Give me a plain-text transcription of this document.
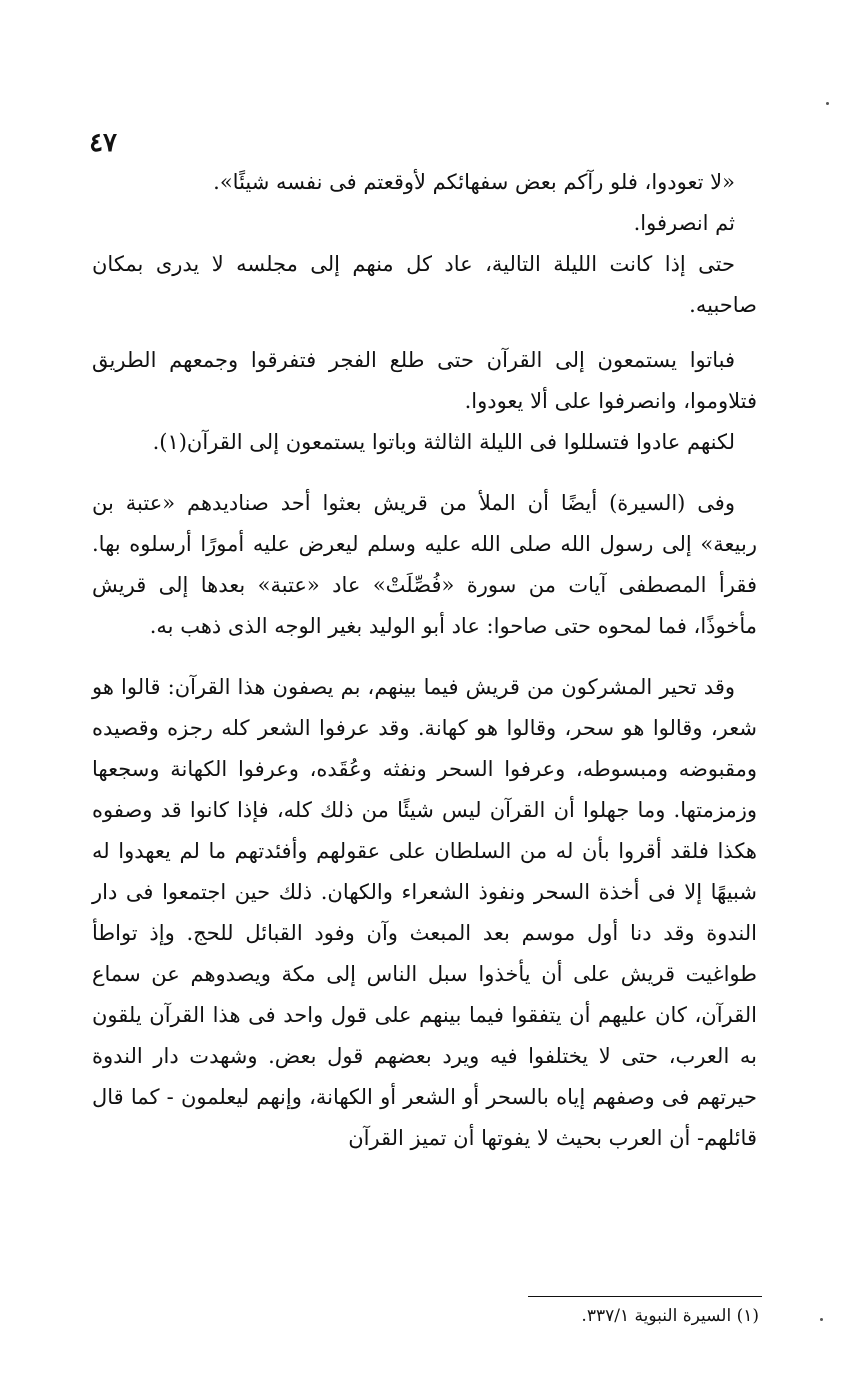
٤٧

«لا تعودوا، فلو رآكم بعض سفهائكم لأوقعتم فى نفسه شيئًا».

ثم انصرفوا.

حتى إذا كانت الليلة التالية، عاد كل منهم إلى مجلسه لا يدرى بمكان صاحبيه.

فباتوا يستمعون إلى القرآن حتى طلع الفجر فتفرقوا وجمعهم الطريق فتلاوموا، وانصرفوا على ألا يعودوا.

لكنهم عادوا فتسللوا فى الليلة الثالثة وباتوا يستمعون إلى القرآن(١).

وفى (السيرة) أيضًا أن الملأ من قريش بعثوا أحد صناديدهم «عتبة بن ربيعة» إلى رسول الله صلى الله عليه وسلم ليعرض عليه أمورًا أرسلوه بها. فقرأ المصطفى آيات من سورة «فُصِّلَتْ» عاد «عتبة» بعدها إلى قريش مأخوذًا، فما لمحوه حتى صاحوا: عاد أبو الوليد بغير الوجه الذى ذهب به.

وقد تحير المشركون من قريش فيما بينهم، بم يصفون هذا القرآن: قالوا هو شعر، وقالوا هو سحر، وقالوا هو كهانة. وقد عرفوا الشعر كله رجزه وقصيده ومقبوضه ومبسوطه، وعرفوا السحر ونفثه وعُقَده، وعرفوا الكهانة وسجعها وزمزمتها. وما جهلوا أن القرآن ليس شيئًا من ذلك كله، فإذا كانوا قد وصفوه هكذا فلقد أقروا بأن له من السلطان على عقولهم وأفئدتهم ما لم يعهدوا له شبيهًا إلا فى أخذة السحر ونفوذ الشعراء والكهان. ذلك حين اجتمعوا فى دار الندوة وقد دنا أول موسم بعد المبعث وآن وفود القبائل للحج. وإذ تواطأ طواغيت قريش على أن يأخذوا سبل الناس إلى مكة ويصدوهم عن سماع القرآن، كان عليهم أن يتفقوا فيما بينهم على قول واحد فى هذا القرآن يلقون به العرب، حتى لا يختلفوا فيه ويرد بعضهم قول بعض. وشهدت دار الندوة حيرتهم فى وصفهم إياه بالسحر أو الشعر أو الكهانة، وإنهم ليعلمون - كما قال قائلهم- أن العرب بحيث لا يفوتها أن تميز القرآن

(١) السيرة النبوية ٣٣٧/١.
